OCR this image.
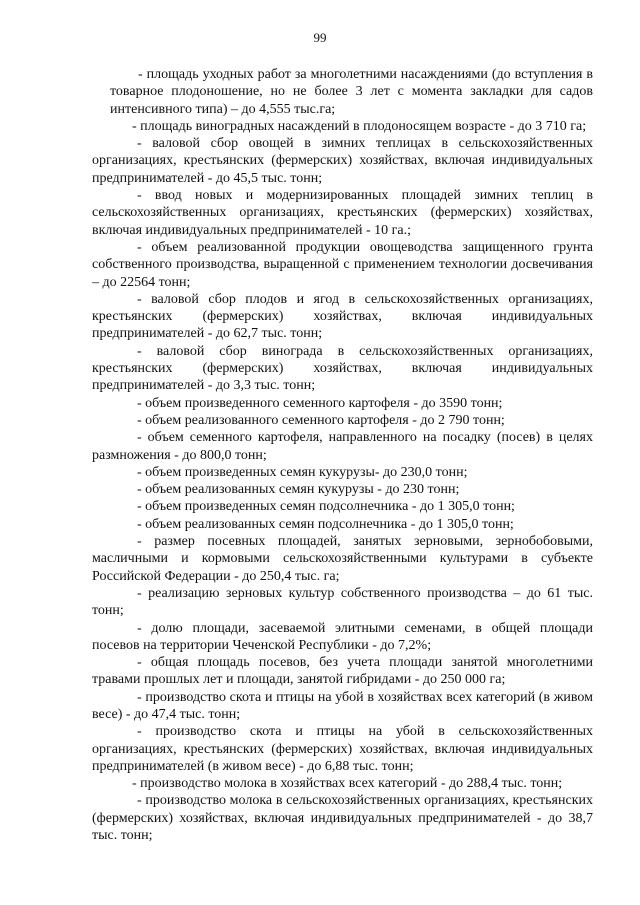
99

- площадь уходных работ за многолетними насаждениями (до вступления в товарное плодоношение, но не более 3 лет с момента закладки для садов интенсивного типа) – до 4,555 тыс.га;

- площадь виноградных насаждений в плодоносящем возрасте - до 3 710 га;

- валовой сбор овощей в зимних теплицах в сельскохозяйственных организациях, крестьянских (фермерских) хозяйствах, включая индивидуальных предпринимателей - до 45,5 тыс. тонн;

- ввод новых и модернизированных площадей зимних теплиц в сельскохозяйственных организациях, крестьянских (фермерских) хозяйствах, включая индивидуальных предпринимателей - 10 га.;

- объем реализованной продукции овощеводства защищенного грунта собственного производства, выращенной с применением технологии досвечивания – до 22564 тонн;

- валовой сбор плодов и ягод в сельскохозяйственных организациях, крестьянских (фермерских) хозяйствах, включая индивидуальных предпринимателей - до 62,7 тыс. тонн;

- валовой сбор винограда в сельскохозяйственных организациях, крестьянских (фермерских) хозяйствах, включая индивидуальных предпринимателей - до 3,3 тыс. тонн;

- объем произведенного семенного картофеля - до 3590 тонн;

- объем реализованного семенного картофеля - до 2 790 тонн;

- объем семенного картофеля, направленного на посадку (посев) в целях размножения - до 800,0 тонн;

- объем произведенных семян кукурузы- до 230,0 тонн;

- объем реализованных семян кукурузы - до 230 тонн;

- объем произведенных семян подсолнечника - до 1 305,0 тонн;

- объем реализованных семян подсолнечника - до 1 305,0 тонн;

- размер посевных площадей, занятых зерновыми, зернобобовыми, масличными и кормовыми сельскохозяйственными культурами в субъекте Российской Федерации - до 250,4 тыс. га;

- реализацию зерновых культур собственного производства – до 61 тыс. тонн;

- долю площади, засеваемой элитными семенами, в общей площади посевов на территории Чеченской Республики - до 7,2%;

- общая площадь посевов, без учета площади занятой многолетними травами прошлых лет и площади, занятой гибридами - до 250 000 га;

- производство скота и птицы на убой в хозяйствах всех категорий (в живом весе) - до 47,4 тыс. тонн;

- производство скота и птицы на убой в сельскохозяйственных организациях, крестьянских (фермерских) хозяйствах, включая индивидуальных предпринимателей (в живом весе) - до 6,88 тыс. тонн;

- производство молока в хозяйствах всех категорий - до 288,4 тыс. тонн;

- производство молока в сельскохозяйственных организациях, крестьянских (фермерских) хозяйствах, включая индивидуальных предпринимателей - до 38,7 тыс. тонн;
